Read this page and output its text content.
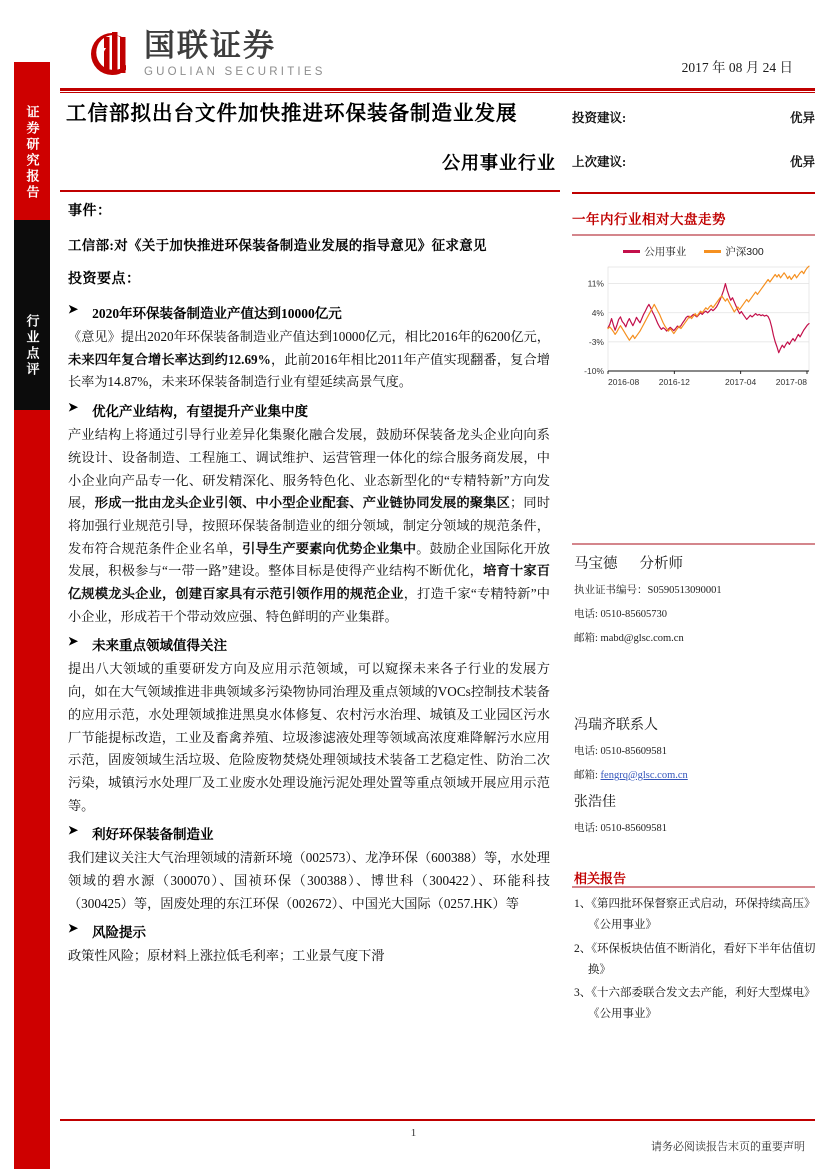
证券研究报告
行业点评
国联证券
GUOLIAN SECURITIES	2017 年 08 月 24 日
工信部拟出台文件加快推进环保装备制造业发展
公用事业行业
投资建议:	优异
上次建议:	优异
一年内行业相对大盘走势
公用事业	沪深300
-10%
-3%
4%
11%
2016-08 2016-12	2017-04 2017-08
马宝德 分析师
执业证书编号：S0590513090001
电话: 0510-85605730
邮箱: mabd@glsc.com.cn
冯瑞齐联系人
电话: 0510-85609581
邮箱: fengrq@glsc.com.cn
张浩佳
电话: 0510-85609581
相关报告
1、《第四批环保督察正式启动，环保持续高压》
《公用事业》
2、《环保板块估值不断消化，看好下半年估值切
换》
3、《十六部委联合发文去产能，利好大型煤电》
《公用事业》
事件：
工信部:对《关于加快推进环保装备制造业发展的指导意见》征求意见
投资要点：
➤ 2020年环保装备制造业产值达到10000亿元

《意见》提出2020年环保装备制造业产值达到10000亿元，相比2016年的6200亿元，未来四年复合增长率达到约12.69%，此前2016年相比2011年产值实现翻番，复合增长率为14.87%，未来环保装备制造行业有望延续高景气度。

➤ 优化产业结构，有望提升产业集中度

产业结构上将通过引导行业差异化集聚化融合发展，鼓励环保装备龙头企业向向系统设计、设备制造、工程施工、调试维护、运营管理一体化的综合服务商发展，中小企业向产品专一化、研发精深化、服务特色化、业态新型化的“专精特新”方向发展，形成一批由龙头企业引领、中小型企业配套、产业链协同发展的聚集区；同时将加强行业规范引导，按照环保装备制造业的细分领域，制定分领域的规范条件，发布符合规范条件企业名单，引导生产要素向优势企业集中。鼓励企业国际化开放发展，积极参与“一带一路”建设。整体目标是使得产业结构不断优化，培育十家百亿规模龙头企业，创建百家具有示范引领作用的规范企业，打造千家“专精特新”中小企业，形成若干个带动效应强、特色鲜明的产业集群。

➤ 未来重点领域值得关注

提出八大领域的重要研发方向及应用示范领域，可以窥探未来各子行业的发展方向，如在大气领域推进非典领域多污染物协同治理及重点领域的VOCs控制技术装备的应用示范，水处理领域推进黑臭水体修复、农村污水治理、城镇及工业园区污水厂节能提标改造，工业及畜禽养殖、垃圾渗滤液处理等领域高浓度难降解污水应用示范，固废领域生活垃圾、危险废物焚烧处理领域技术装备工艺稳定性、防治二次污染，城镇污水处理厂及工业废水处理设施污泥处理处置等重点领域开展应用示范等。

➤ 利好环保装备制造业

我们建议关注大气治理领域的清新环境（002573）、龙净环保（600388）等，水处理领域的碧水源（300070）、国祯环保（300388）、博世科（300422）、环能科技（300425）等，固废处理的东江环保（002672）、中国光大国际（0257.HK）等

➤ 风险提示

政策性风险；原材料上涨拉低毛利率；工业景气度下滑

1
请务必阅读报告末页的重要声明
